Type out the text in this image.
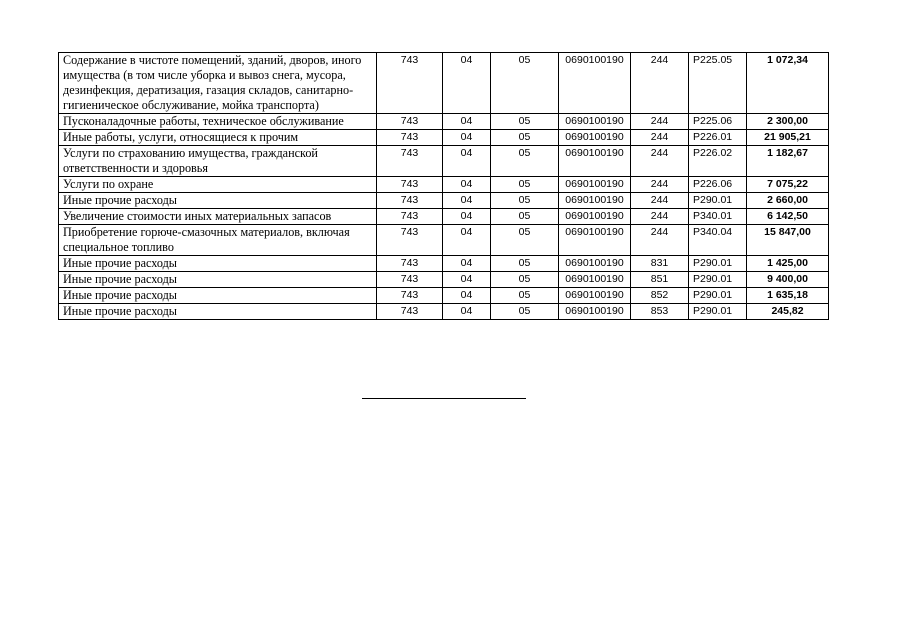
Содержание в чистоте помещений, зданий, дворов, иного имущества (в том числе уборка и вывоз снега, мусора, дезинфекция, дератизация, газация складов, санитарно-гигиеническое обслуживание, мойка транспорта)	743	04	05	0690100190	244	Р225.05	1 072,34
Пусконаладочные работы, техническое обслуживание	743	04	05	0690100190	244	Р225.06	2 300,00
Иные работы, услуги, относящиеся к прочим	743	04	05	0690100190	244	Р226.01	21 905,21
Услуги по страхованию имущества, гражданской ответственности и здоровья	743	04	05	0690100190	244	Р226.02	1 182,67
Услуги по охране	743	04	05	0690100190	244	Р226.06	7 075,22
Иные прочие расходы	743	04	05	0690100190	244	Р290.01	2 660,00
Увеличение стоимости иных материальных запасов	743	04	05	0690100190	244	Р340.01	6 142,50
Приобретение горюче-смазочных материалов, включая специальное топливо	743	04	05	0690100190	244	Р340.04	15 847,00
Иные прочие расходы	743	04	05	0690100190	831	Р290.01	1 425,00
Иные прочие расходы	743	04	05	0690100190	851	Р290.01	9 400,00
Иные прочие расходы	743	04	05	0690100190	852	Р290.01	1 635,18
Иные прочие расходы	743	04	05	0690100190	853	Р290.01	245,82
